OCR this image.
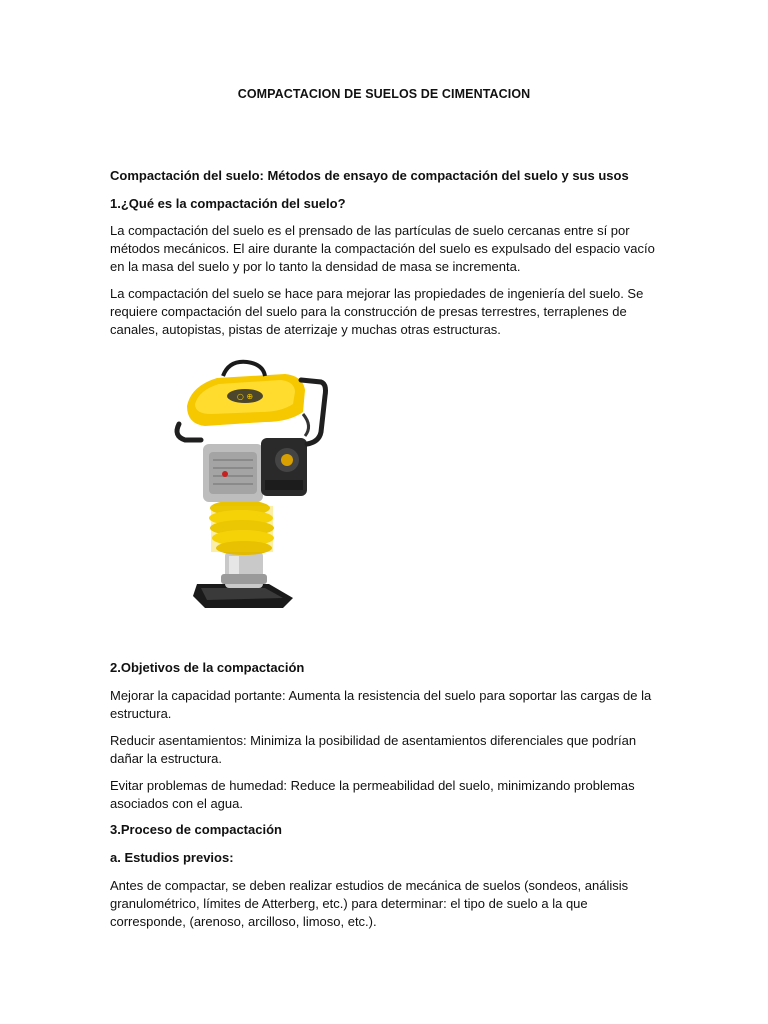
COMPACTACION DE SUELOS DE CIMENTACION
Compactación del suelo: Métodos de ensayo de compactación del suelo y sus usos
1.¿Qué es la compactación del suelo?

La compactación del suelo es el prensado de las partículas de suelo cercanas entre sí por métodos mecánicos. El aire durante la compactación del suelo es expulsado del espacio vacío en la masa del suelo y por lo tanto la densidad de masa se incrementa.

La compactación del suelo se hace para mejorar las propiedades de ingeniería del suelo. Se requiere compactación del suelo para la construcción de presas terrestres, terraplenes de canales, autopistas, pistas de aterrizaje y muchas otras estructuras.

○ ⊕
2.Objetivos de la compactación

Mejorar la capacidad portante: Aumenta la resistencia del suelo para soportar las cargas de la estructura.

Reducir asentamientos: Minimiza la posibilidad de asentamientos diferenciales que podrían dañar la estructura.

Evitar problemas de humedad: Reduce la permeabilidad del suelo, minimizando problemas asociados con el agua.

3.Proceso de compactación
a. Estudios previos:

Antes de compactar, se deben realizar estudios de mecánica de suelos (sondeos, análisis granulométrico, límites de Atterberg, etc.) para determinar: el tipo de suelo a la que corresponde, (arenoso, arcilloso, limoso, etc.).
